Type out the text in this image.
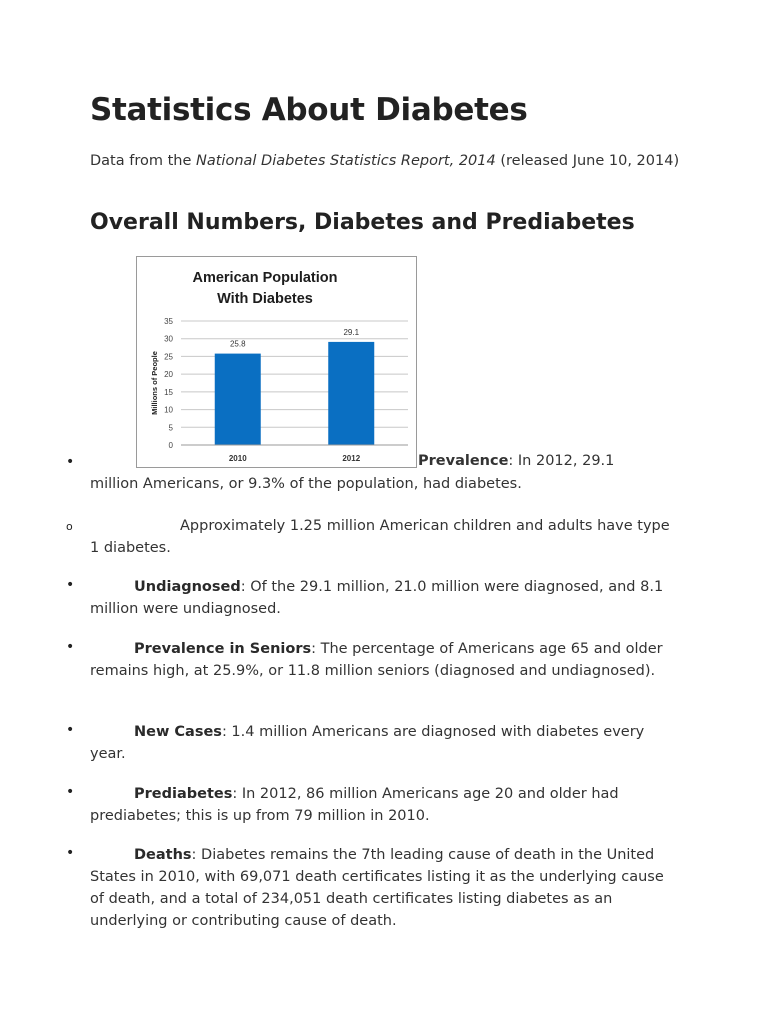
Statistics About Diabetes
Data from the National Diabetes Statistics Report, 2014 (released June 10, 2014)
Overall Numbers, Diabetes and Prediabetes
American Population
With Diabetes
0
5
10
15
20
25
30
35
Millions of People
25.8
2010
29.1
2012
•	Prevalence: In 2012, 29.1
million Americans, or 9.3% of the population, had diabetes.
o	Approximately 1.25 million American children and adults have type 1 diabetes.
•	Undiagnosed: Of the 29.1 million, 21.0 million were diagnosed, and 8.1 million were undiagnosed.
•	Prevalence in Seniors: The percentage of Americans age 65 and older remains high, at 25.9%, or 11.8 million seniors (diagnosed and undiagnosed).
•	New Cases: 1.4 million Americans are diagnosed with diabetes every year.
•	Prediabetes: In 2012, 86 million Americans age 20 and older had prediabetes; this is up from 79 million in 2010.
•	Deaths: Diabetes remains the 7th leading cause of death in the United States in 2010, with 69,071 death certificates listing it as the underlying cause of death, and a total of 234,051 death certificates listing diabetes as an underlying or contributing cause of death.
